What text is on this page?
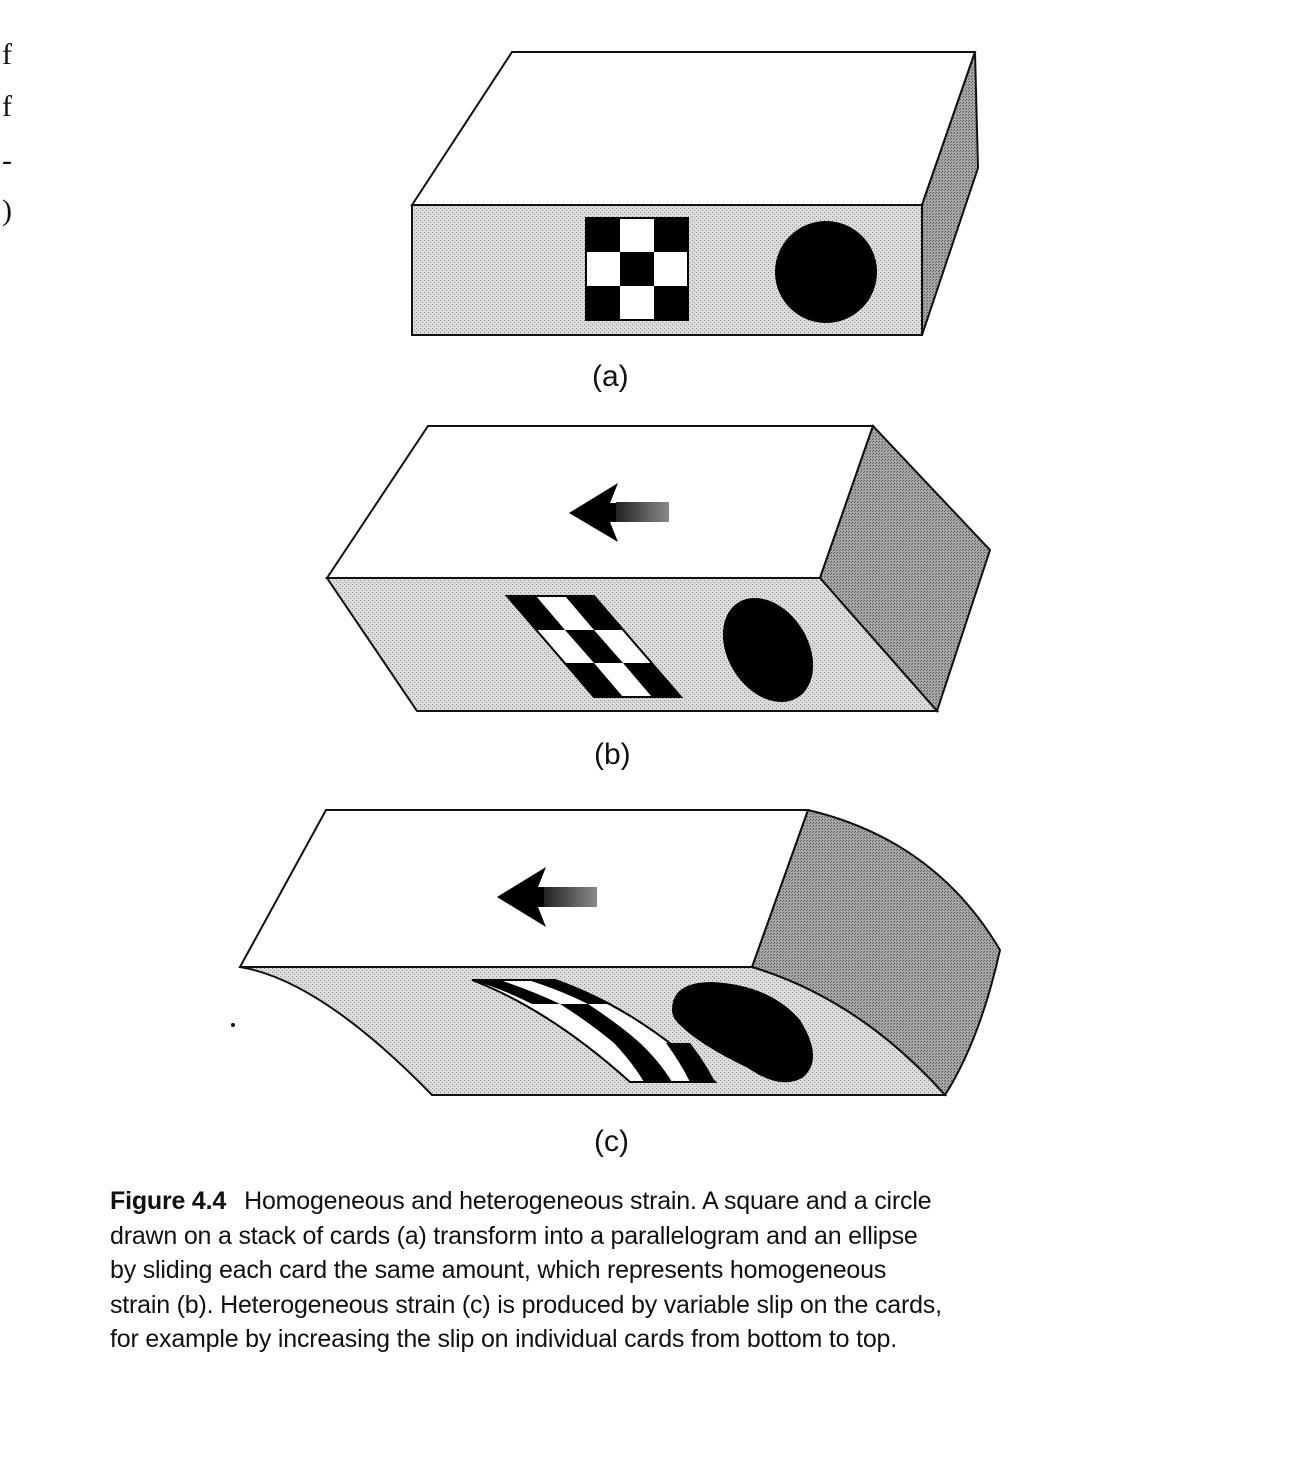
f
f
-
)
(a)
(b)
(c)
Figure 4.4 Homogeneous and heterogeneous strain. A square and a circle
drawn on a stack of cards (a) transform into a parallelogram and an ellipse
by sliding each card the same amount, which represents homogeneous
strain (b). Heterogeneous strain (c) is produced by variable slip on the cards,
for example by increasing the slip on individual cards from bottom to top.
